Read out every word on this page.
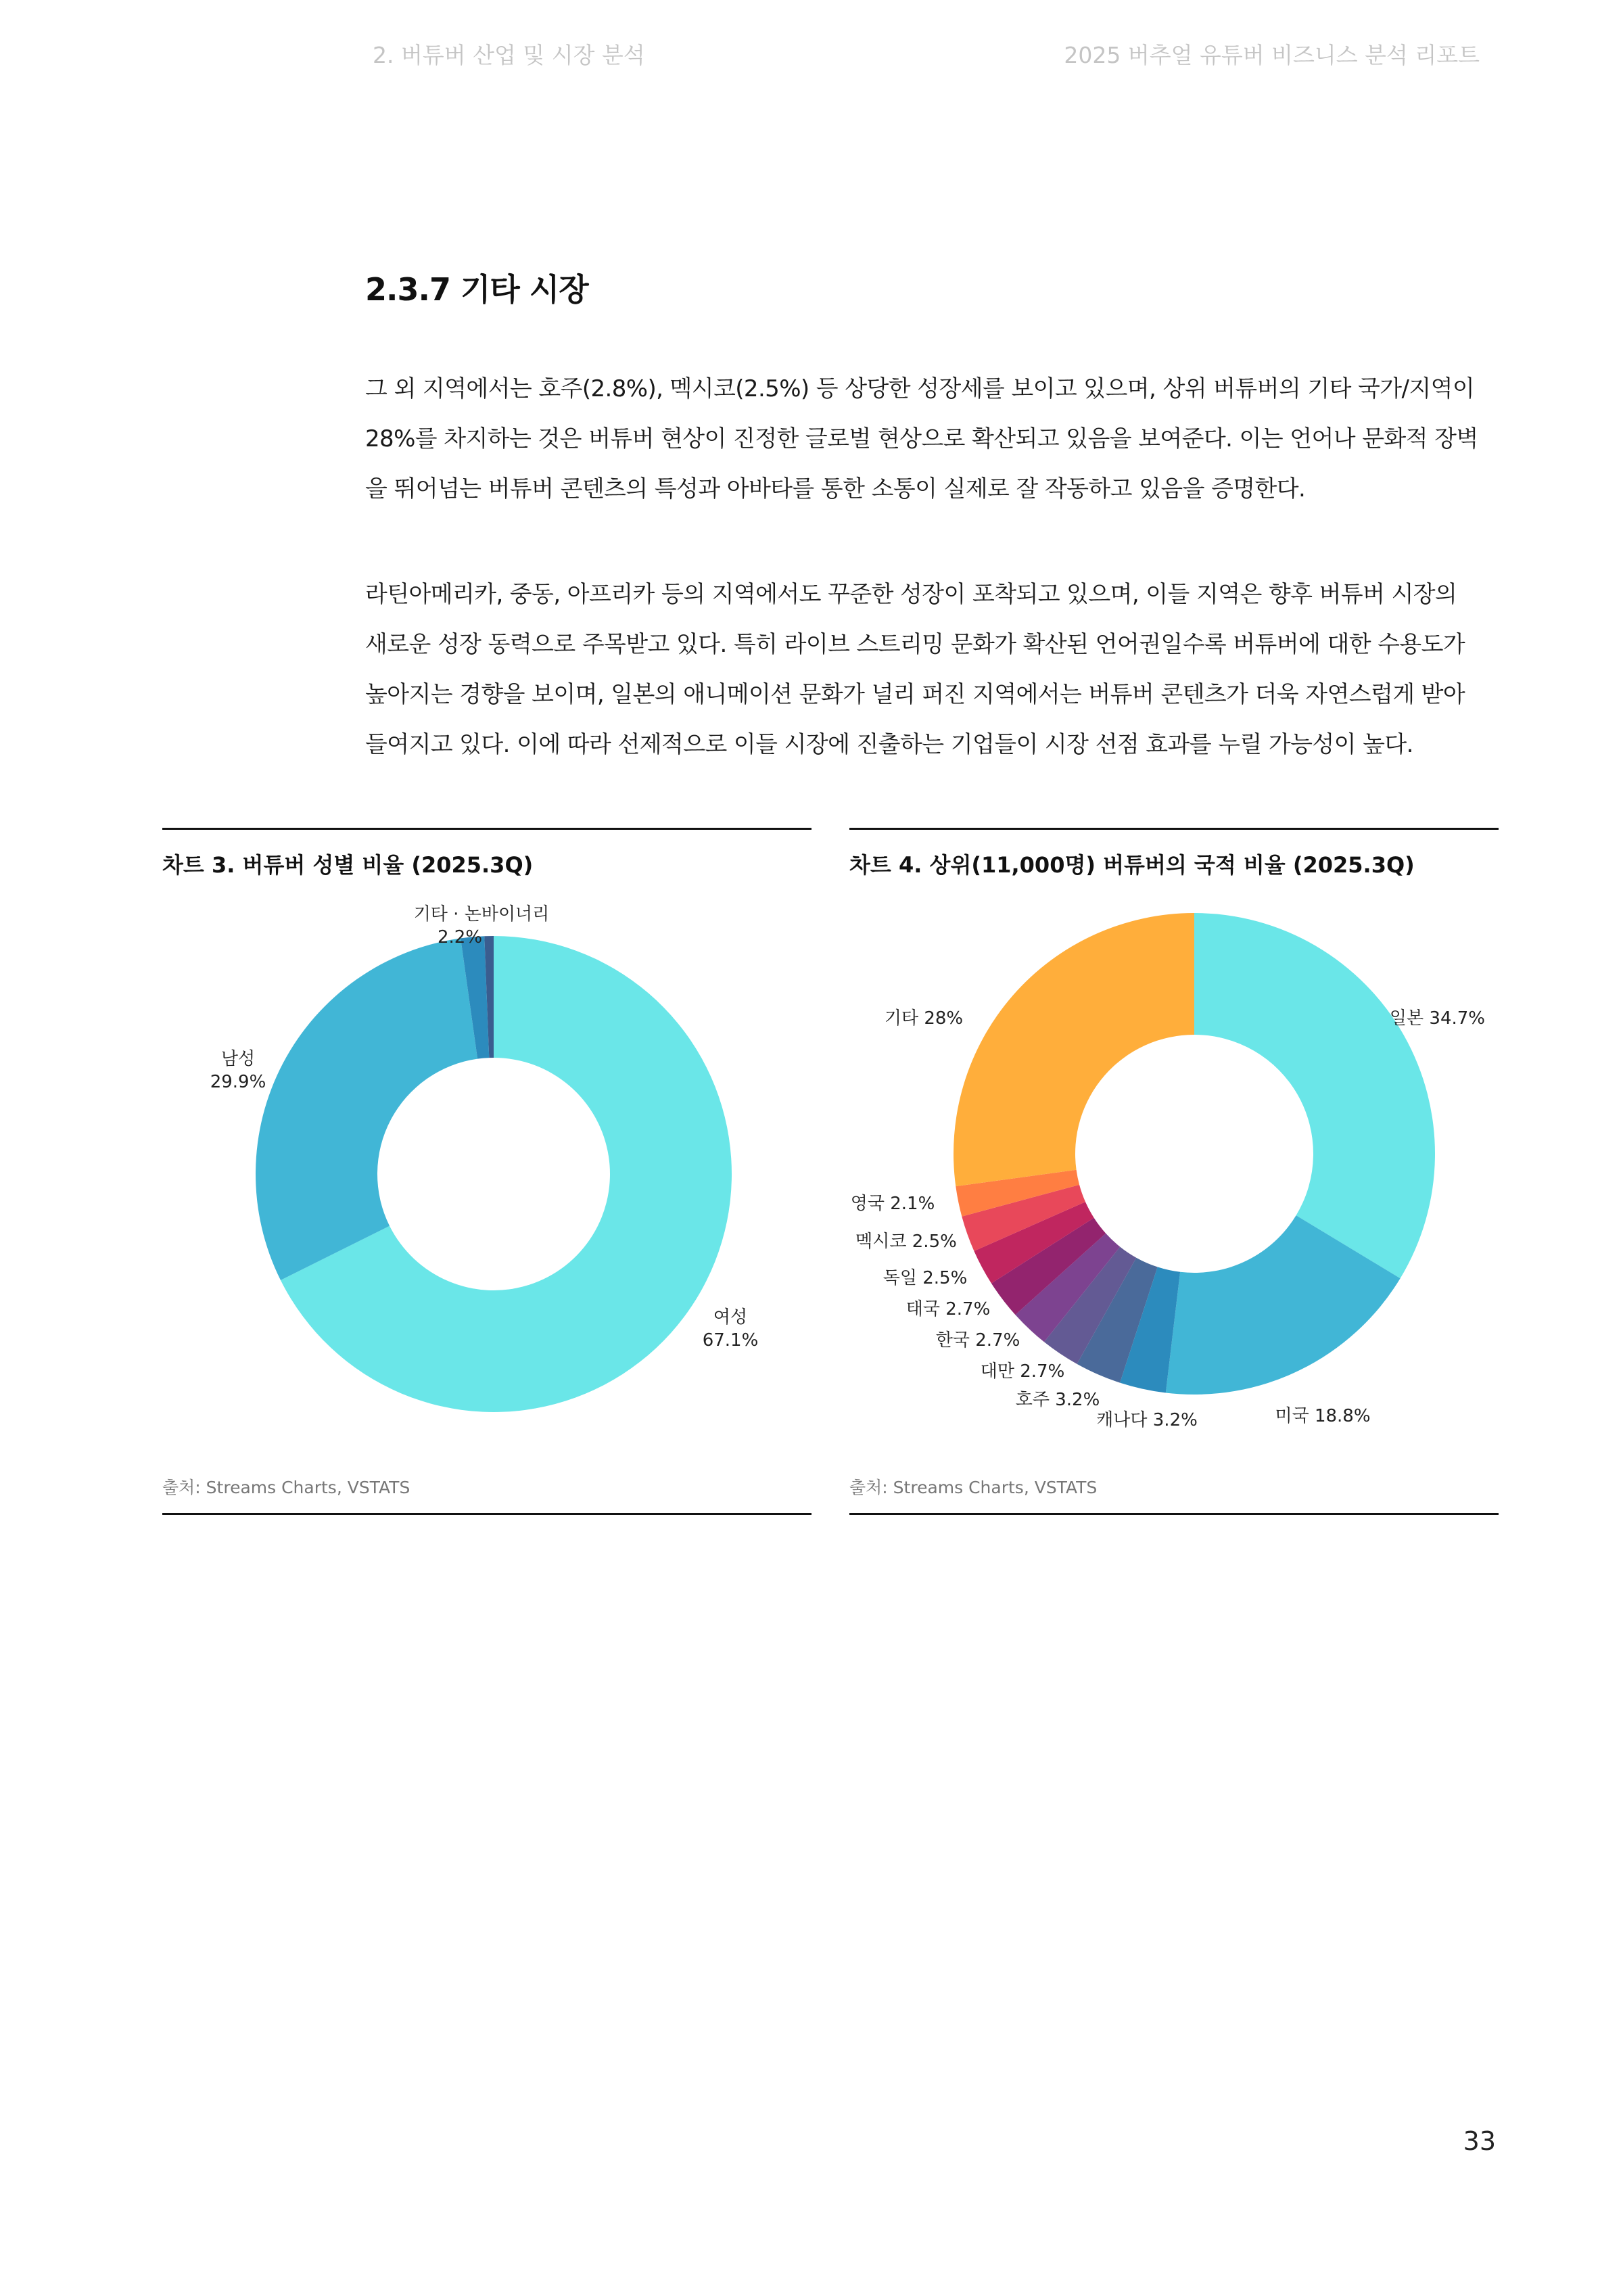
2. 버튜버 산업 및 시장 분석	2025 버추얼 유튜버 비즈니스 분석 리포트
2.3.7 기타 시장

그 외 지역에서는 호주(2.8%), 멕시코(2.5%) 등 상당한 성장세를 보이고 있으며, 상위 버튜버의 기타 국가/지역이
28%를 차지하는 것은 버튜버 현상이 진정한 글로벌 현상으로 확산되고 있음을 보여준다. 이는 언어나 문화적 장벽
을 뛰어넘는 버튜버 콘텐츠의 특성과 아바타를 통한 소통이 실제로 잘 작동하고 있음을 증명한다.

라틴아메리카, 중동, 아프리카 등의 지역에서도 꾸준한 성장이 포착되고 있으며, 이들 지역은 향후 버튜버 시장의
새로운 성장 동력으로 주목받고 있다. 특히 라이브 스트리밍 문화가 확산된 언어권일수록 버튜버에 대한 수용도가
높아지는 경향을 보이며, 일본의 애니메이션 문화가 널리 퍼진 지역에서는 버튜버 콘텐츠가 더욱 자연스럽게 받아
들여지고 있다. 이에 따라 선제적으로 이들 시장에 진출하는 기업들이 시장 선점 효과를 누릴 가능성이 높다.

차트 3. 버튜버 성별 비율 (2025.3Q)
기타 · 논바이너리
2.2%
남성
29.9%
여성
67.1%
출처: Streams Charts, VSTATS
차트 4. 상위(11,000명) 버튜버의 국적 비율 (2025.3Q)
일본 34.7%
미국 18.8%
캐나다 3.2%
호주 3.2%
대만 2.7%
한국 2.7%
태국 2.7%
독일 2.5%
멕시코 2.5%
영국 2.1%
기타 28%
출처: Streams Charts, VSTATS
33
